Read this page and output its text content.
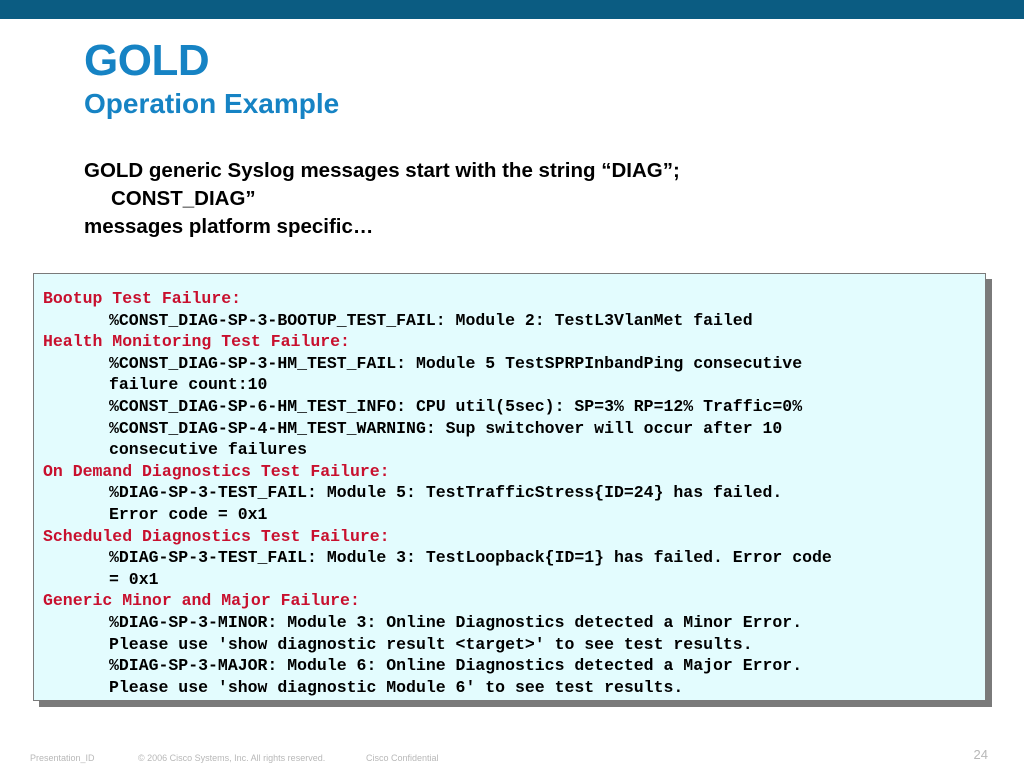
GOLD
Operation Example
GOLD generic Syslog messages start with the string “DIAG”;
CONST_DIAG”
messages platform specific…
Bootup Test Failure:
%CONST_DIAG-SP-3-BOOTUP_TEST_FAIL: Module 2: TestL3VlanMet failed
Health Monitoring Test Failure:
%CONST_DIAG-SP-3-HM_TEST_FAIL: Module 5 TestSPRPInbandPing consecutive
failure count:10
%CONST_DIAG-SP-6-HM_TEST_INFO: CPU util(5sec): SP=3% RP=12% Traffic=0%
%CONST_DIAG-SP-4-HM_TEST_WARNING: Sup switchover will occur after 10
consecutive failures
On Demand Diagnostics Test Failure:
%DIAG-SP-3-TEST_FAIL: Module 5: TestTrafficStress{ID=24} has failed.
Error code = 0x1
Scheduled Diagnostics Test Failure:
%DIAG-SP-3-TEST_FAIL: Module 3: TestLoopback{ID=1} has failed. Error code
= 0x1
Generic Minor and Major Failure:
%DIAG-SP-3-MINOR: Module 3: Online Diagnostics detected a Minor Error.
Please use 'show diagnostic result <target>' to see test results.
%DIAG-SP-3-MAJOR: Module 6: Online Diagnostics detected a Major Error.
Please use 'show diagnostic Module 6' to see test results.
Presentation_ID	© 2006 Cisco Systems, Inc. All rights reserved.	Cisco Confidential	24
